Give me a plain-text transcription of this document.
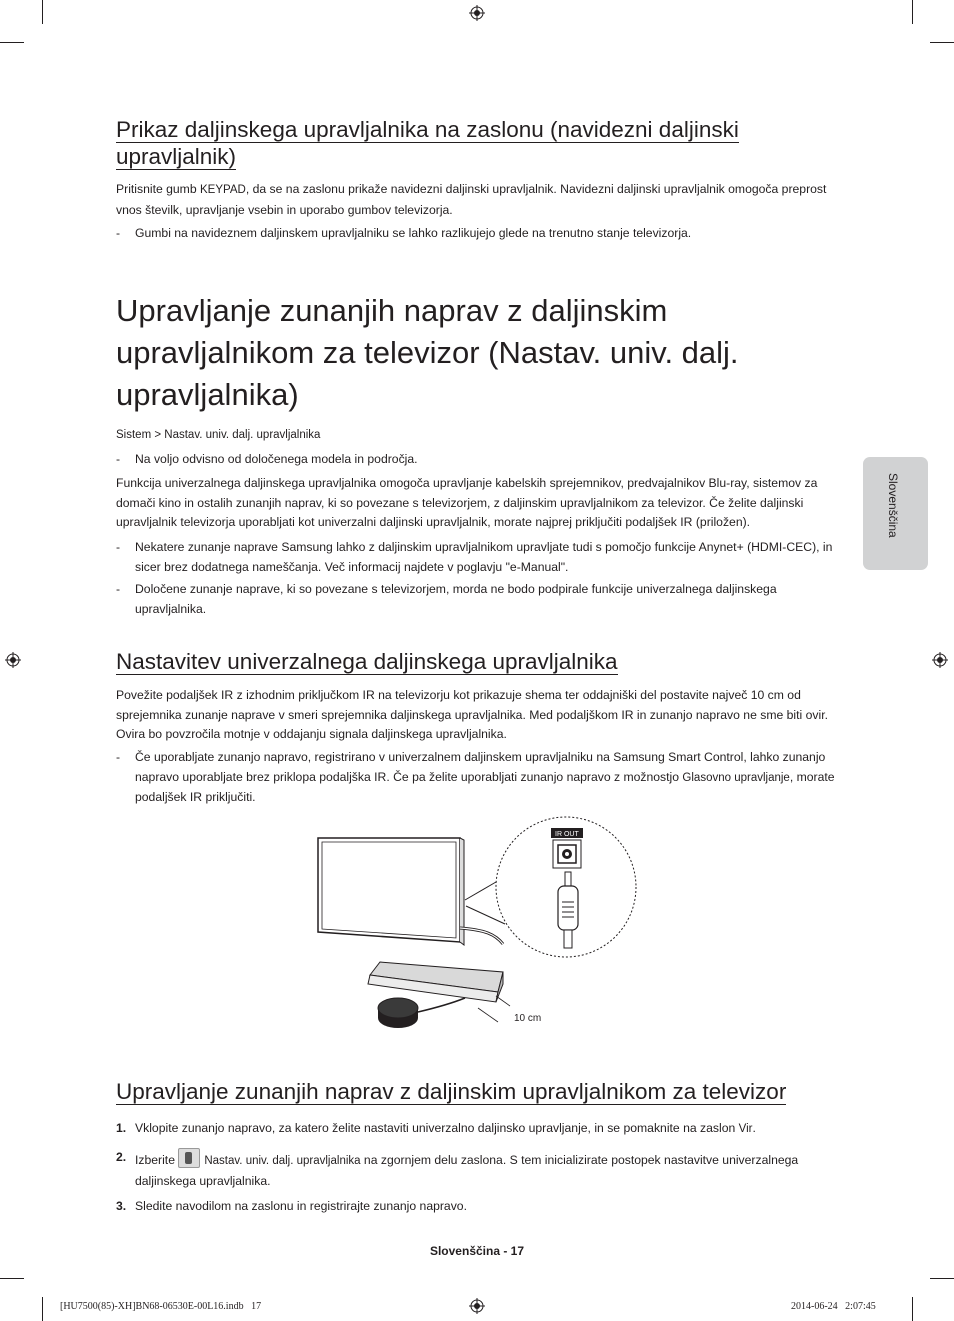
Prikaz daljinskega upravljalnika na zaslonu (navidezni daljinski upravljalnik)
Pritisnite gumb KEYPAD, da se na zaslonu prikaže navidezni daljinski upravljalnik. Navidezni daljinski upravljalnik omogoča preprost vnos številk, upravljanje vsebin in uporabo gumbov televizorja.
-	Gumbi na navideznem daljinskem upravljalniku se lahko razlikujejo glede na trenutno stanje televizorja.
Upravljanje zunanjih naprav z daljinskim upravljalnikom za televizor (Nastav. univ. dalj. upravljalnika)
Sistem > Nastav. univ. dalj. upravljalnika
-	Na voljo odvisno od določenega modela in področja.
Funkcija univerzalnega daljinskega upravljalnika omogoča upravljanje kabelskih sprejemnikov, predvajalnikov Blu-ray, sistemov za domači kino in ostalih zunanjih naprav, ki so povezane s televizorjem, z daljinskim upravljalnikom za televizor. Če želite daljinski upravljalnik televizorja uporabljati kot univerzalni daljinski upravljalnik, morate najprej priključiti podaljšek IR (priložen).
-	Nekatere zunanje naprave Samsung lahko z daljinskim upravljalnikom upravljate tudi s pomočjo funkcije Anynet+ (HDMI-CEC), in sicer brez dodatnega nameščanja. Več informacij najdete v poglavju "e-Manual".
-	Določene zunanje naprave, ki so povezane s televizorjem, morda ne bodo podpirale funkcije univerzalnega daljinskega upravljalnika.
Nastavitev univerzalnega daljinskega upravljalnika
Povežite podaljšek IR z izhodnim priključkom IR na televizorju kot prikazuje shema ter oddajniški del postavite največ 10 cm od sprejemnika zunanje naprave v smeri sprejemnika daljinskega upravljalnika. Med podaljškom IR in zunanjo napravo ne sme biti ovir. Ovira bo povzročila motnje v oddajanju signala daljinskega upravljalnika.
-	Če uporabljate zunanjo napravo, registrirano v univerzalnem daljinskem upravljalniku na Samsung Smart Control, lahko zunanjo napravo uporabljate brez priklopa podaljška IR. Če pa želite uporabljati zunanjo napravo z možnostjo Glasovno upravljanje, morate podaljšek IR priključiti.
10 cm
IR OUT
Upravljanje zunanjih naprav z daljinskim upravljalnikom za televizor
1. Vklopite zunanjo napravo, za katero želite nastaviti univerzalno daljinsko upravljanje, in se pomaknite na zaslon Vir.
2. Izberite
Nastav. univ. dalj. upravljalnika na zgornjem delu zaslona. S tem inicializirate postopek nastavitve univerzalnega daljinskega upravljalnika.
3. Sledite navodilom na zaslonu in registrirajte zunanjo napravo.
Slovenščina
Slovenščina - 17
[HU7500(85)-XH]BN68-06530E-00L16.indb   17	2014-06-24   2:07:45
